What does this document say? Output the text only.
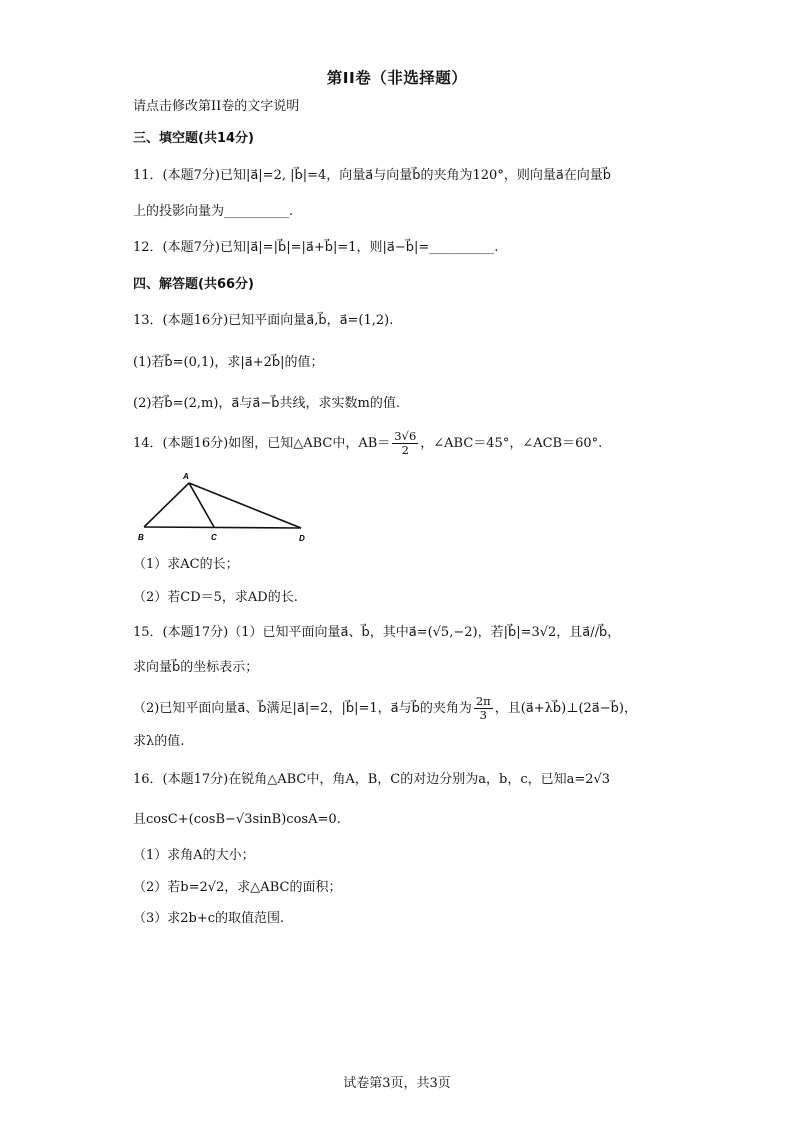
第II卷（非选择题）
请点击修改第II卷的文字说明
三、填空题(共14分)
11．(本题7分)已知|a⃗|=2, |b⃗|=4，向量a⃗与向量b⃗的夹角为120°，则向量a⃗在向量b⃗
上的投影向量为__________.
12．(本题7分)已知|a⃗|=|b⃗|=|a⃗+b⃗|=1，则|a⃗−b⃗|=__________.
四、解答题(共66分)
13．(本题16分)已知平面向量a⃗,b⃗，a⃗=(1,2).
(1)若b⃗=(0,1)，求|a⃗+2b⃗|的值；
(2)若b⃗=(2,m)，a⃗与a⃗−b⃗共线，求实数m的值.
14．(本题16分)如图，已知△ABC中，$AB= \frac{3√6}{2}$ ，∠ABC＝45°，∠ACB＝60°.
A
B	C	D
（1）求AC的长；
（2）若CD＝5，求AD的长.
15．(本题17分)（1）已知平面向量a⃗、b⃗，其中a⃗=(√5,−2)，若|b⃗|=3√2，且a⃗//b⃗，
求向量b⃗的坐标表示；
（2)已知平面向量a⃗、b⃗满足|a⃗|=2，|b⃗|=1，a⃗与b⃗的夹角为 $\frac{2\pi}{3}$ ，且(a⃗+λb⃗)⊥(2a⃗−b⃗)，
求λ的值.
16．(本题17分)在锐角△ABC中，角A，B，C的对边分别为a，b，c，已知a=2√3
且cosC+(cosB−√3sinB)cosA=0.
（1）求角A的大小；
（2）若b=2√2，求△ABC的面积；
（3）求2b+c的取值范围.
试卷第3页，共3页
